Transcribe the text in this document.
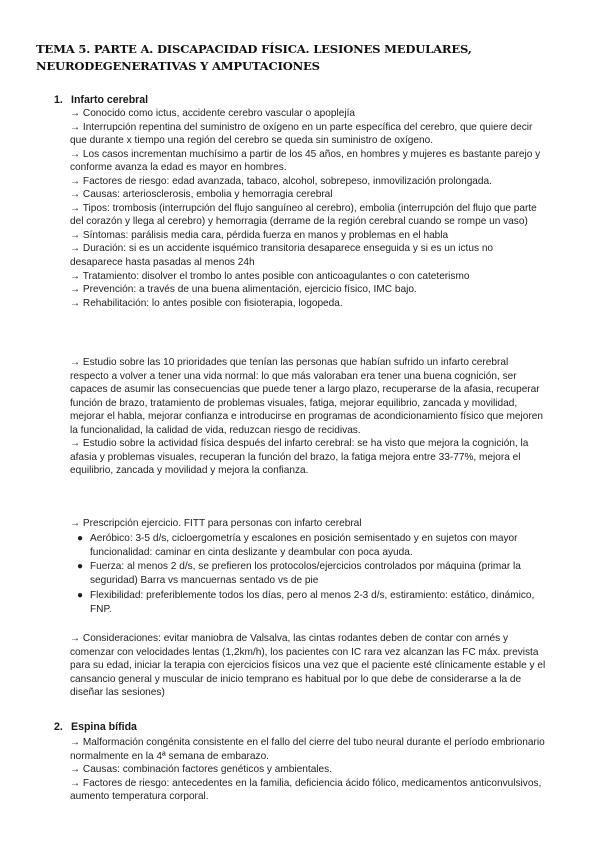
TEMA 5. PARTE A. DISCAPACIDAD FÍSICA. LESIONES MEDULARES, NEURODEGENERATIVAS Y AMPUTACIONES
1. Infarto cerebral

→ Conocido como ictus, accidente cerebro vascular o apoplejía

→ Interrupción repentina del suministro de oxígeno en un parte específica del cerebro, que quiere decir que durante x tiempo una región del cerebro se queda sin suministro de oxígeno.

→ Los casos incrementan muchísimo a partir de los 45 años, en hombres y mujeres es bastante parejo y conforme avanza la edad es mayor en hombres.

→ Factores de riesgo: edad avanzada, tabaco, alcohol, sobrepeso, inmovilización prolongada.

→ Causas: arteriosclerosis, embolia y hemorragia cerebral

→ Tipos: trombosis (interrupción del flujo sanguíneo al cerebro), embolia (interrupción del flujo que parte del corazón y llega al cerebro) y hemorragia (derrame de la región cerebral cuando se rompe un vaso)

→ Síntomas: parálisis media cara, pérdida fuerza en manos y problemas en el habla

→ Duración: si es un accidente isquémico transitoria desaparece enseguida y si es un ictus no desaparece hasta pasadas al menos 24h

→ Tratamiento: disolver el trombo lo antes posible con anticoagulantes o con cateterismo

→ Prevención: a través de una buena alimentación, ejercicio físico, IMC bajo.

→ Rehabilitación: lo antes posible con fisioterapia, logopeda.

→ Estudio sobre las 10 prioridades que tenían las personas que habían sufrido un infarto cerebral respecto a volver a tener una vida normal: lo que más valoraban era tener una buena cognición, ser capaces de asumir las consecuencias que puede tener a largo plazo, recuperarse de la afasia, recuperar función de brazo, tratamiento de problemas visuales, fatiga, mejorar equilibrio, zancada y movilidad, mejorar el habla, mejorar confianza e introducirse en programas de acondicionamiento físico que mejoren la funcionalidad, la calidad de vida, reduzcan riesgo de recidivas.

→ Estudio sobre la actividad física después del infarto cerebral: se ha visto que mejora la cognición, la afasia y problemas visuales, recuperan la función del brazo, la fatiga mejora entre 33-77%, mejora el equilibrio, zancada y movilidad y mejora la confianza.

→ Prescripción ejercicio. FITT para personas con infarto cerebral

● Aeróbico: 3-5 d/s, cicloergometría y escalones en posición semisentado y en sujetos con mayor funcionalidad: caminar en cinta deslizante y deambular con poca ayuda.

● Fuerza: al menos 2 d/s, se prefieren los protocolos/ejercicios controlados por máquina (primar la seguridad) Barra vs mancuernas sentado vs de pie

● Flexibilidad: preferiblemente todos los días, pero al menos 2-3 d/s, estiramiento: estático, dinámico, FNP.

→ Consideraciones: evitar maniobra de Valsalva, las cintas rodantes deben de contar con arnés y comenzar con velocidades lentas (1,2km/h), los pacientes con IC rara vez alcanzan las FC máx. prevista para su edad, iniciar la terapia con ejercicios físicos una vez que el paciente esté clínicamente estable y el cansancio general y muscular de inicio temprano es habitual por lo que debe de considerarse a la de diseñar las sesiones)

2. Espina bífida

→ Malformación congénita consistente en el fallo del cierre del tubo neural durante el período embrionario normalmente en la 4ª semana de embarazo.

→ Causas: combinación factores genéticos y ambientales.

→ Factores de riesgo: antecedentes en la familia, deficiencia ácido fólico, medicamentos anticonvulsivos, aumento temperatura corporal.
